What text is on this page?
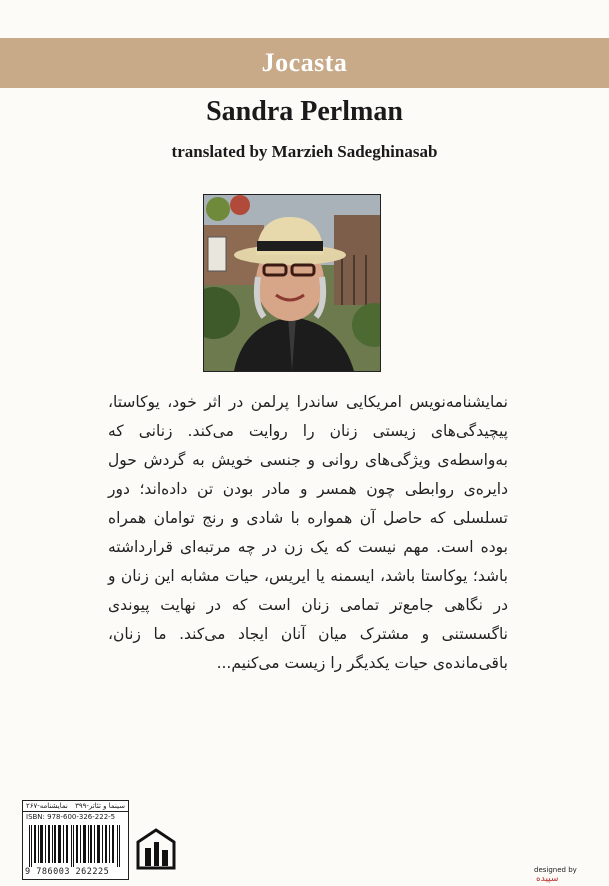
Jocasta
Sandra Perlman
translated by Marzieh Sadeghinasab

نمایشنامه‌نویس امریکایی ساندرا پرلمن در اثر خود، یوکاستا، پیچیدگی‌های زیستی زنان را روایت می‌کند. زنانی که به‌واسطه‌ی ویژگی‌های روانی و جنسی خویش به گردش حول دایره‌ی روابطی چون همسر و مادر بودن تن داده‌اند؛ دور تسلسلی که حاصل آن همواره با شادی و رنج توامان همراه بوده است. مهم نیست که یک زن در چه مرتبه‌ای قرارداشته باشد؛ یوکاستا باشد، ایسمنه یا ایریس، حیات مشابه این زنان و در نگاهی جامع‌تر تمامی زنان است که در نهایت پیوندی ناگسستنی و مشترک میان آنان ایجاد می‌کند. ما زنان، باقی‌مانده‌ی حیات یکدیگر را زیست می‌کنیم...

سینما و تئاتر-۳۹۹
نمایشنامه-۲۶۷
ISBN: 978-600-326-222-5
9 786003 262225	designed by
سپیده
